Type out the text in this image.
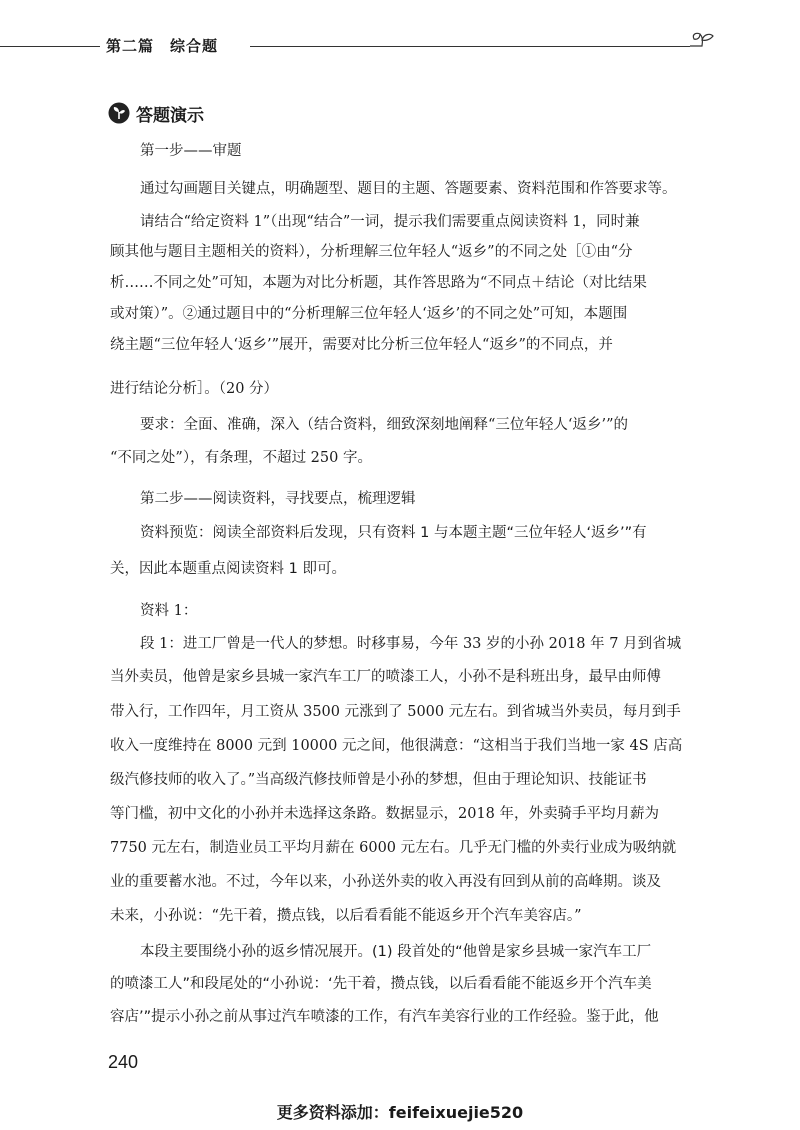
第二篇　综合题
答题演示
第一步——审题
通过勾画题目关键点，明确题型、题目的主题、答题要素、资料范围和作答要求等。
请结合“给定资料 1”（出现“结合”一词，提示我们需要重点阅读资料 1，同时兼
顾其他与题目主题相关的资料），分析理解三位年轻人“返乡”的不同之处［①由“分
析……不同之处”可知，本题为对比分析题，其作答思路为“不同点＋结论（对比结果
或对策）”。②通过题目中的“分析理解三位年轻人‘返乡’的不同之处”可知，本题围
绕主题“三位年轻人‘返乡’”展开，需要对比分析三位年轻人“返乡”的不同点，并
进行结论分析］。（20 分）
要求：全面、准确，深入（结合资料，细致深刻地阐释“三位年轻人‘返乡’”的
“不同之处”），有条理，不超过 250 字。
第二步——阅读资料，寻找要点，梳理逻辑
资料预览：阅读全部资料后发现，只有资料 1 与本题主题“三位年轻人‘返乡’”有
关，因此本题重点阅读资料 1 即可。
资料 1：
段 1：进工厂曾是一代人的梦想。时移事易，今年 33 岁的小孙 2018 年 7 月到省城
当外卖员，他曾是家乡县城一家汽车工厂的喷漆工人，小孙不是科班出身，最早由师傅
带入行，工作四年，月工资从 3500 元涨到了 5000 元左右。到省城当外卖员，每月到手
收入一度维持在 8000 元到 10000 元之间，他很满意：“这相当于我们当地一家 4S 店高
级汽修技师的收入了。”当高级汽修技师曾是小孙的梦想，但由于理论知识、技能证书
等门槛，初中文化的小孙并未选择这条路。数据显示，2018 年，外卖骑手平均月薪为
7750 元左右，制造业员工平均月薪在 6000 元左右。几乎无门槛的外卖行业成为吸纳就
业的重要蓄水池。不过，今年以来，小孙送外卖的收入再没有回到从前的高峰期。谈及
未来，小孙说：“先干着，攒点钱，以后看看能不能返乡开个汽车美容店。”
本段主要围绕小孙的返乡情况展开。(1) 段首处的“他曾是家乡县城一家汽车工厂
的喷漆工人”和段尾处的“小孙说：‘先干着，攒点钱，以后看看能不能返乡开个汽车美
容店’”提示小孙之前从事过汽车喷漆的工作，有汽车美容行业的工作经验。鉴于此，他
240
更多资料添加：feifeixuejie520
